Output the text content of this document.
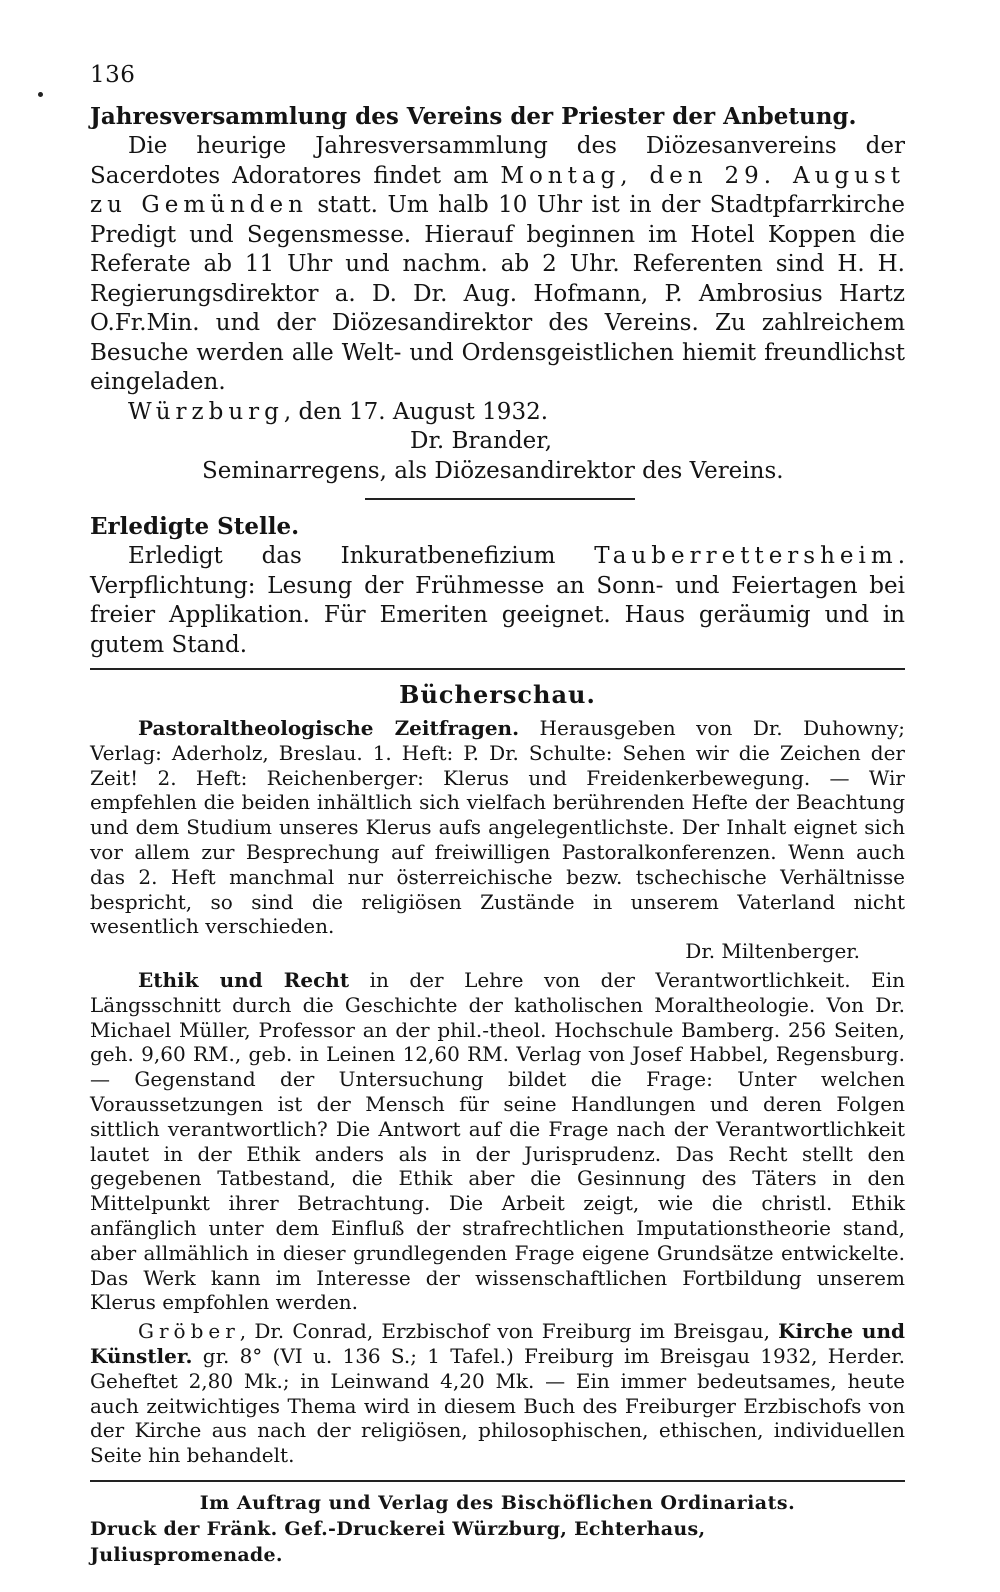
136
Jahresversammlung des Vereins der Priester der Anbetung.

Die heurige Jahresversammlung des Diözesanvereins der Sacerdotes Adoratores findet am Montag, den 29. August zu Gemünden statt. Um halb 10 Uhr ist in der Stadtpfarrkirche Predigt und Segensmesse. Hierauf beginnen im Hotel Koppen die Referate ab 11 Uhr und nachm. ab 2 Uhr. Referenten sind H. H. Regierungsdirektor a. D. Dr. Aug. Hofmann, P. Ambrosius Hartz O.Fr.Min. und der Diözesandirektor des Vereins. Zu zahlreichem Besuche werden alle Welt- und Ordensgeistlichen hiemit freundlichst eingeladen.

Würzburg, den 17. August 1932.

Dr. Brander,

Seminarregens, als Diözesandirektor des Vereins.

Erledigte Stelle.

Erledigt das Inkuratbenefizium Tauberrettersheim. Verpflichtung: Lesung der Frühmesse an Sonn- und Feiertagen bei freier Applikation. Für Emeriten geeignet. Haus geräumig und in gutem Stand.

Bücherschau.

Pastoraltheologische Zeitfragen. Herausgeben von Dr. Duhowny; Verlag: Aderholz, Breslau. 1. Heft: P. Dr. Schulte: Sehen wir die Zeichen der Zeit! 2. Heft: Reichenberger: Klerus und Freidenkerbewegung. — Wir empfehlen die beiden inhältlich sich vielfach berührenden Hefte der Beachtung und dem Studium unseres Klerus aufs angelegentlichste. Der Inhalt eignet sich vor allem zur Besprechung auf freiwilligen Pastoralkonferenzen. Wenn auch das 2. Heft manchmal nur österreichische bezw. tschechische Verhältnisse bespricht, so sind die religiösen Zustände in unserem Vaterland nicht wesentlich verschieden.
Dr. Miltenberger.

Ethik und Recht in der Lehre von der Verantwortlichkeit. Ein Längsschnitt durch die Geschichte der katholischen Moraltheologie. Von Dr. Michael Müller, Professor an der phil.-theol. Hochschule Bamberg. 256 Seiten, geh. 9,60 RM., geb. in Leinen 12,60 RM. Verlag von Josef Habbel, Regensburg. — Gegenstand der Untersuchung bildet die Frage: Unter welchen Voraussetzungen ist der Mensch für seine Handlungen und deren Folgen sittlich verantwortlich? Die Antwort auf die Frage nach der Verantwortlichkeit lautet in der Ethik anders als in der Jurisprudenz. Das Recht stellt den gegebenen Tatbestand, die Ethik aber die Gesinnung des Täters in den Mittelpunkt ihrer Betrachtung. Die Arbeit zeigt, wie die christl. Ethik anfänglich unter dem Einfluß der strafrechtlichen Imputationstheorie stand, aber allmählich in dieser grundlegenden Frage eigene Grundsätze entwickelte. Das Werk kann im Interesse der wissenschaftlichen Fortbildung unserem Klerus empfohlen werden.

Gröber, Dr. Conrad, Erzbischof von Freiburg im Breisgau, Kirche und Künstler. gr. 8° (VI u. 136 S.; 1 Tafel.) Freiburg im Breisgau 1932, Herder. Geheftet 2,80 Mk.; in Leinwand 4,20 Mk. — Ein immer bedeutsames, heute auch zeitwichtiges Thema wird in diesem Buch des Freiburger Erzbischofs von der Kirche aus nach der religiösen, philosophischen, ethischen, individuellen Seite hin behandelt.

Im Auftrag und Verlag des Bischöflichen Ordinariats.

Druck der Fränk. Gef.-Druckerei Würzburg, Echterhaus, Juliuspromenade.
